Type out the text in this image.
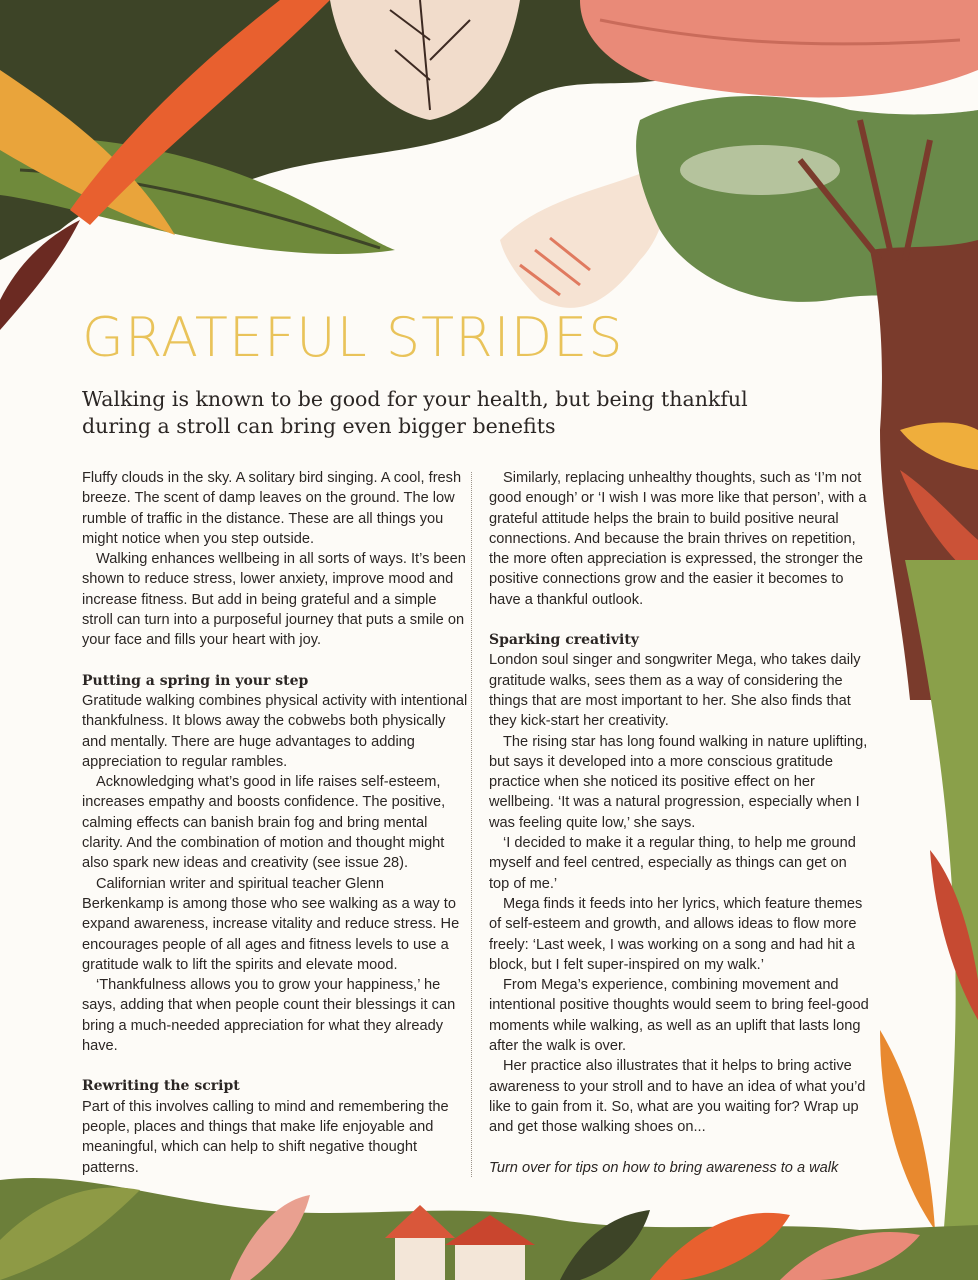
GRATEFUL STRIDES

Walking is known to be good for your health, but being thankful during a stroll can bring even bigger benefits

Fluffy clouds in the sky. A solitary bird singing. A cool, fresh breeze. The scent of damp leaves on the ground. The low rumble of traffic in the distance. These are all things you might notice when you step outside.

Walking enhances wellbeing in all sorts of ways. It’s been shown to reduce stress, lower anxiety, improve mood and increase fitness. But add in being grateful and a simple stroll can turn into a purposeful journey that puts a smile on your face and fills your heart with joy.

Putting a spring in your step

Gratitude walking combines physical activity with intentional thankfulness. It blows away the cobwebs both physically and mentally. There are huge advantages to adding appreciation to regular rambles.

Acknowledging what’s good in life raises self-esteem, increases empathy and boosts confidence. The positive, calming effects can banish brain fog and bring mental clarity. And the combination of motion and thought might also spark new ideas and creativity (see issue 28).

Californian writer and spiritual teacher Glenn Berkenkamp is among those who see walking as a way to expand awareness, increase vitality and reduce stress. He encourages people of all ages and fitness levels to use a gratitude walk to lift the spirits and elevate mood.

‘Thankfulness allows you to grow your happiness,’ he says, adding that when people count their blessings it can bring a much-needed appreciation for what they already have.

Rewriting the script

Part of this involves calling to mind and remembering the people, places and things that make life enjoyable and meaningful, which can help to shift negative thought patterns.

Similarly, replacing unhealthy thoughts, such as ‘I’m not good enough’ or ‘I wish I was more like that person’, with a grateful attitude helps the brain to build positive neural connections. And because the brain thrives on repetition, the more often appreciation is expressed, the stronger the positive connections grow and the easier it becomes to have a thankful outlook.

Sparking creativity

London soul singer and songwriter Mega, who takes daily gratitude walks, sees them as a way of considering the things that are most important to her. She also finds that they kick-start her creativity.

The rising star has long found walking in nature uplifting, but says it developed into a more conscious gratitude practice when she noticed its positive effect on her wellbeing. ‘It was a natural progression, especially when I was feeling quite low,’ she says.

‘I decided to make it a regular thing, to help me ground myself and feel centred, especially as things can get on top of me.’

Mega finds it feeds into her lyrics, which feature themes of self-esteem and growth, and allows ideas to flow more freely: ‘Last week, I was working on a song and had hit a block, but I felt super-inspired on my walk.’

From Mega’s experience, combining movement and intentional positive thoughts would seem to bring feel-good moments while walking, as well as an uplift that lasts long after the walk is over.

Her practice also illustrates that it helps to bring active awareness to your stroll and to have an idea of what you’d like to gain from it. So, what are you waiting for? Wrap up and get those walking shoes on...

Turn over for tips on how to bring awareness to a walk
